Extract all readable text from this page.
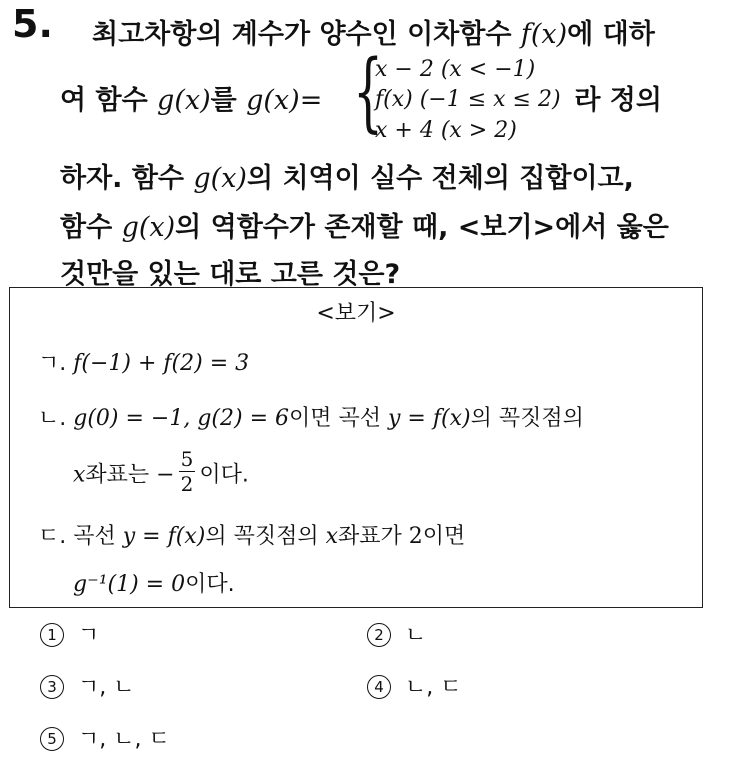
5. 최고차항의 계수가 양수인 이차함수 f(x)에 대하
여 함수 g(x)를 g(x)=	라 정의
{
x − 2 (x < −1)
f(x) (−1 ≤ x ≤ 2)
x + 4 (x > 2)
하자. 함수 g(x)의 치역이 실수 전체의 집합이고,
함수 g(x)의 역함수가 존재할 때, <보기>에서 옳은
것만을 있는 대로 고른 것은?
<보기>
ㄱ. f(−1) + f(2) = 3
ㄴ. g(0) = −1, g(2) = 6이면 곡선 y = f(x)의 꼭짓점의
x좌표는 − $\frac{5}{2}$ 이다.
ㄷ. 곡선 y = f(x)의 꼭짓점의 x좌표가 2이면
g⁻¹(1) = 0이다.
1 ㄱ	2 ㄴ
3 ㄱ, ㄴ	4 ㄴ, ㄷ
5 ㄱ, ㄴ, ㄷ
